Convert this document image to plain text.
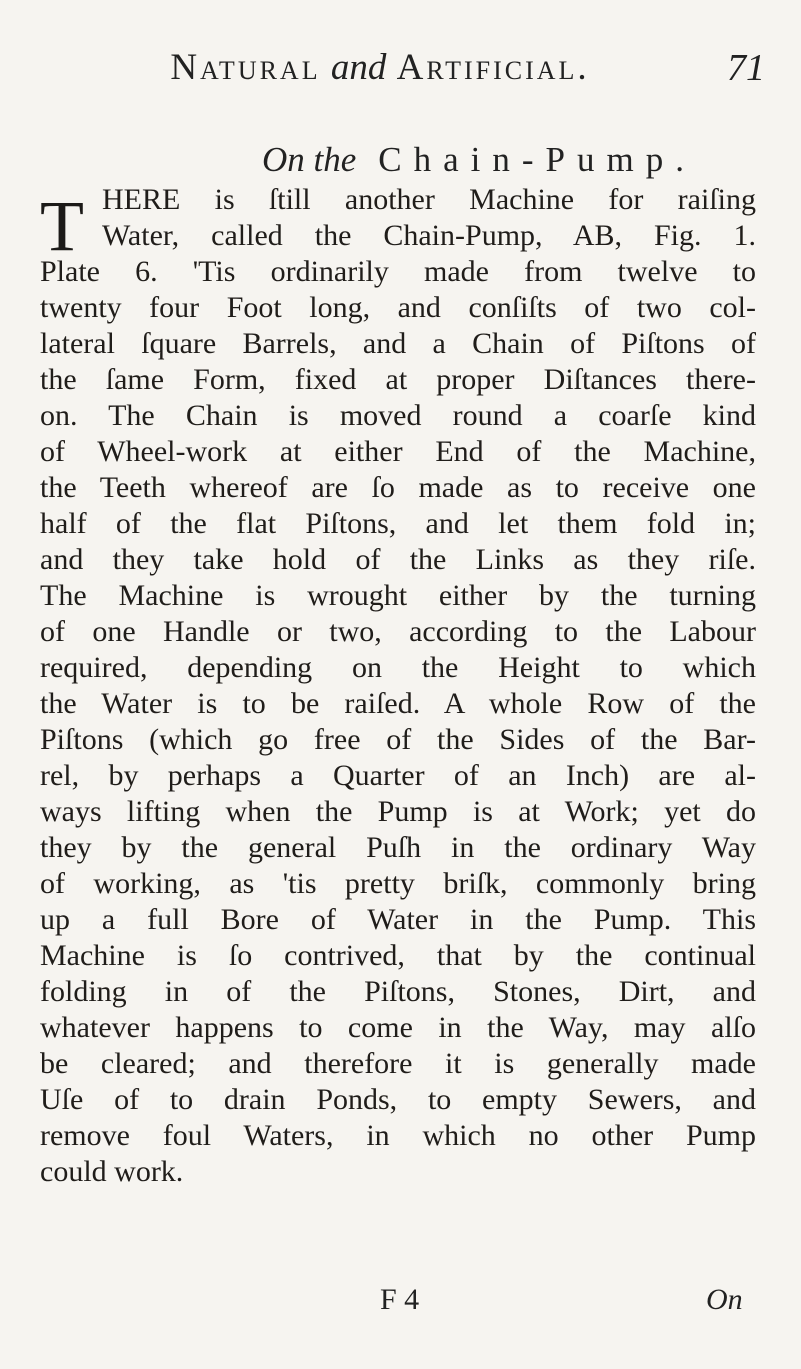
Natural and Artificial.	71
On the Chain-Pump.
T HERE is ſtill another Machine for raiſing
Water, called the Chain-Pump, AB, Fig. 1.
Plate 6. 'Tis ordinarily made from twelve to
twenty four Foot long, and conſiſts of two col-
lateral ſquare Barrels, and a Chain of Piſtons of
the ſame Form, fixed at proper Diſtances there-
on. The Chain is moved round a coarſe kind
of Wheel-work at either End of the Machine,
the Teeth whereof are ſo made as to receive one
half of the flat Piſtons, and let them fold in;
and they take hold of the Links as they riſe.
The Machine is wrought either by the turning
of one Handle or two, according to the Labour
required, depending on the Height to which
the Water is to be raiſed. A whole Row of the
Piſtons (which go free of the Sides of the Bar-
rel, by perhaps a Quarter of an Inch) are al-
ways lifting when the Pump is at Work; yet do
they by the general Puſh in the ordinary Way
of working, as 'tis pretty briſk, commonly bring
up a full Bore of Water in the Pump. This
Machine is ſo contrived, that by the continual
folding in of the Piſtons, Stones, Dirt, and
whatever happens to come in the Way, may alſo
be cleared; and therefore it is generally made
Uſe of to drain Ponds, to empty Sewers, and
remove foul Waters, in which no other Pump
could work.
F 4	On
